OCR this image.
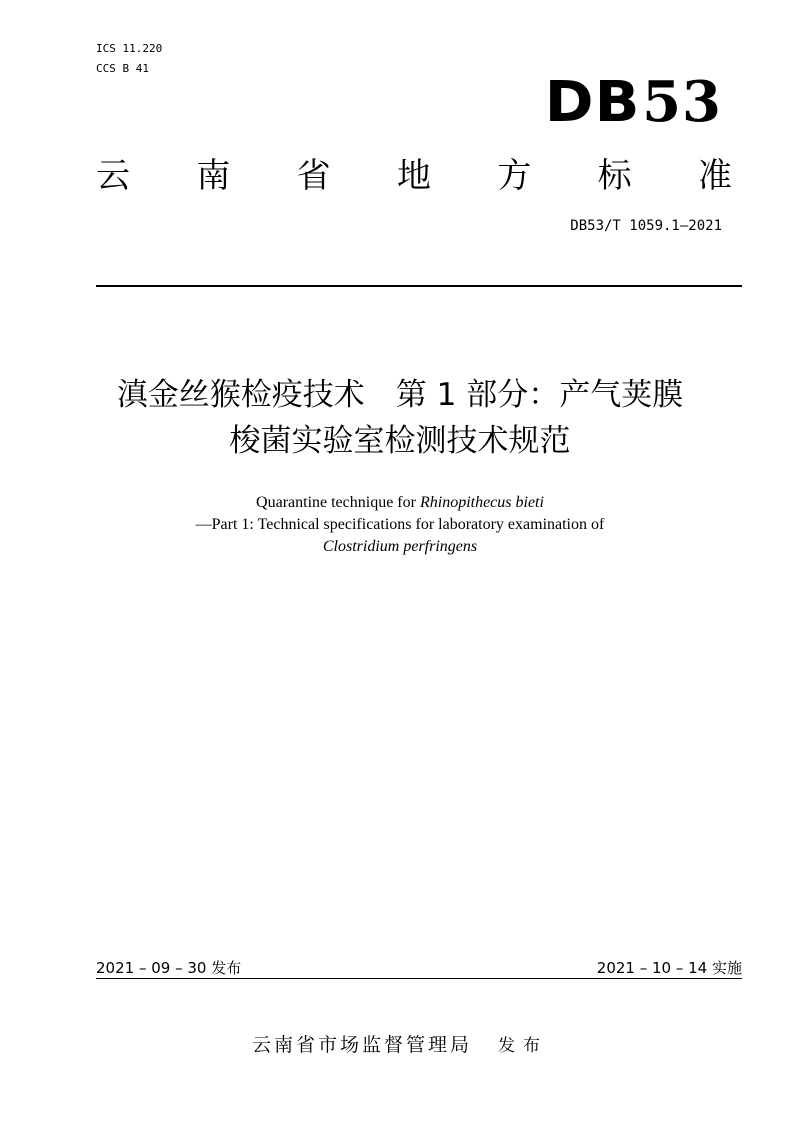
ICS 11.220
CCS B 41
DB53
云 南 省 地 方 标 准
DB53/T 1059.1—2021
滇金丝猴检疫技术　第 1 部分：产气荚膜
梭菌实验室检测技术规范
Quarantine technique for Rhinopithecus bieti
—Part 1: Technical specifications for laboratory examination of
Clostridium perfringens
2021 – 09 – 30 发布	2021 – 10 – 14 实施
云南省市场监督管理局 发布
